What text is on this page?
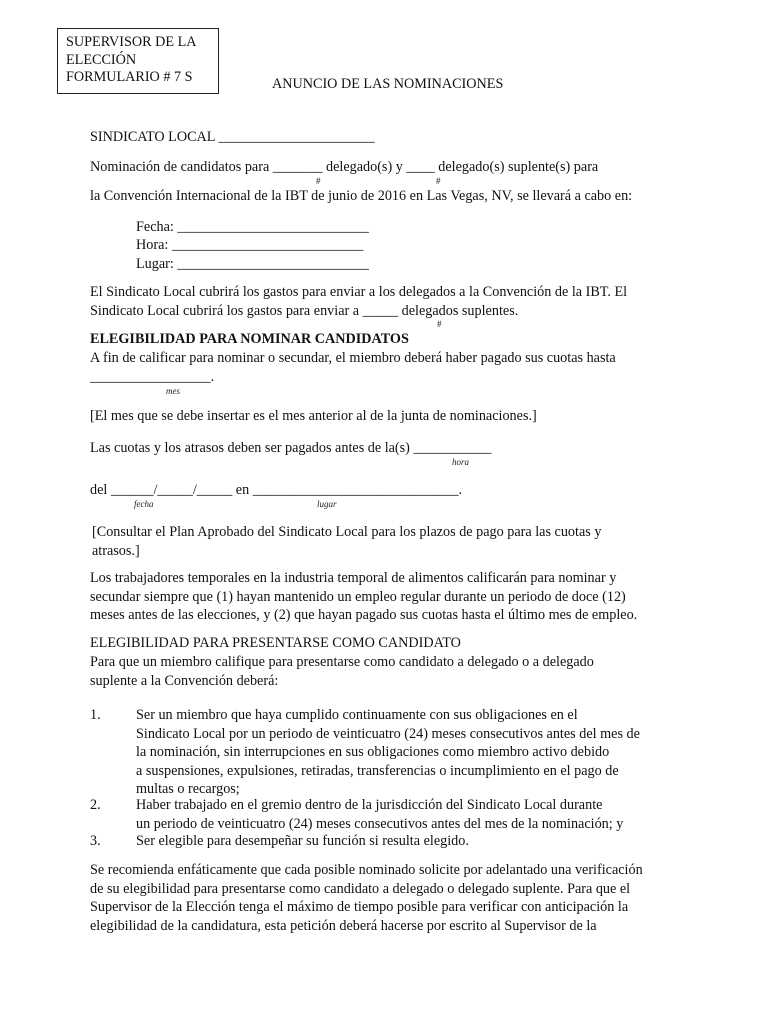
SUPERVISOR DE LA
ELECCIÓN
FORMULARIO # 7 S	ANUNCIO DE LAS NOMINACIONES
SINDICATO LOCAL ______________________
Nominación de candidatos para _______ delegado(s) y ____ delegado(s) suplente(s) para
#	#
la Convención Internacional de la IBT de junio de 2016 en Las Vegas, NV, se llevará a cabo en:
Fecha: ___________________________
Hora: ___________________________
Lugar: ___________________________
El Sindicato Local cubrirá los gastos para enviar a los delegados a la Convención de la IBT. El
Sindicato Local cubrirá los gastos para enviar a _____ delegados suplentes.
#
ELEGIBILIDAD PARA NOMINAR CANDIDATOS
A fin de calificar para nominar o secundar, el miembro deberá haber pagado sus cuotas hasta
_________________.
mes
[El mes que se debe insertar es el mes anterior al de la junta de nominaciones.]
Las cuotas y los atrasos deben ser pagados antes de la(s) ___________
hora
del ______/_____/_____ en _____________________________.
fecha	lugar
[Consultar el Plan Aprobado del Sindicato Local para los plazos de pago para las cuotas y
atrasos.]
Los trabajadores temporales en la industria temporal de alimentos calificarán para nominar y
secundar siempre que (1) hayan mantenido un empleo regular durante un periodo de doce (12)
meses antes de las elecciones, y (2) que hayan pagado sus cuotas hasta el último mes de empleo.
ELEGIBILIDAD PARA PRESENTARSE COMO CANDIDATO
Para que un miembro califique para presentarse como candidato a delegado o a delegado
suplente a la Convención deberá:
1. Ser un miembro que haya cumplido continuamente con sus obligaciones en el
Sindicato Local por un periodo de veinticuatro (24) meses consecutivos antes del mes de
la nominación, sin interrupciones en sus obligaciones como miembro activo debido
a suspensiones, expulsiones, retiradas, transferencias o incumplimiento en el pago de
multas o recargos;
2. Haber trabajado en el gremio dentro de la jurisdicción del Sindicato Local durante
un periodo de veinticuatro (24) meses consecutivos antes del mes de la nominación; y
3. Ser elegible para desempeñar su función si resulta elegido.
Se recomienda enfáticamente que cada posible nominado solicite por adelantado una verificación
de su elegibilidad para presentarse como candidato a delegado o delegado suplente. Para que el
Supervisor de la Elección tenga el máximo de tiempo posible para verificar con anticipación la
elegibilidad de la candidatura, esta petición deberá hacerse por escrito al Supervisor de la
